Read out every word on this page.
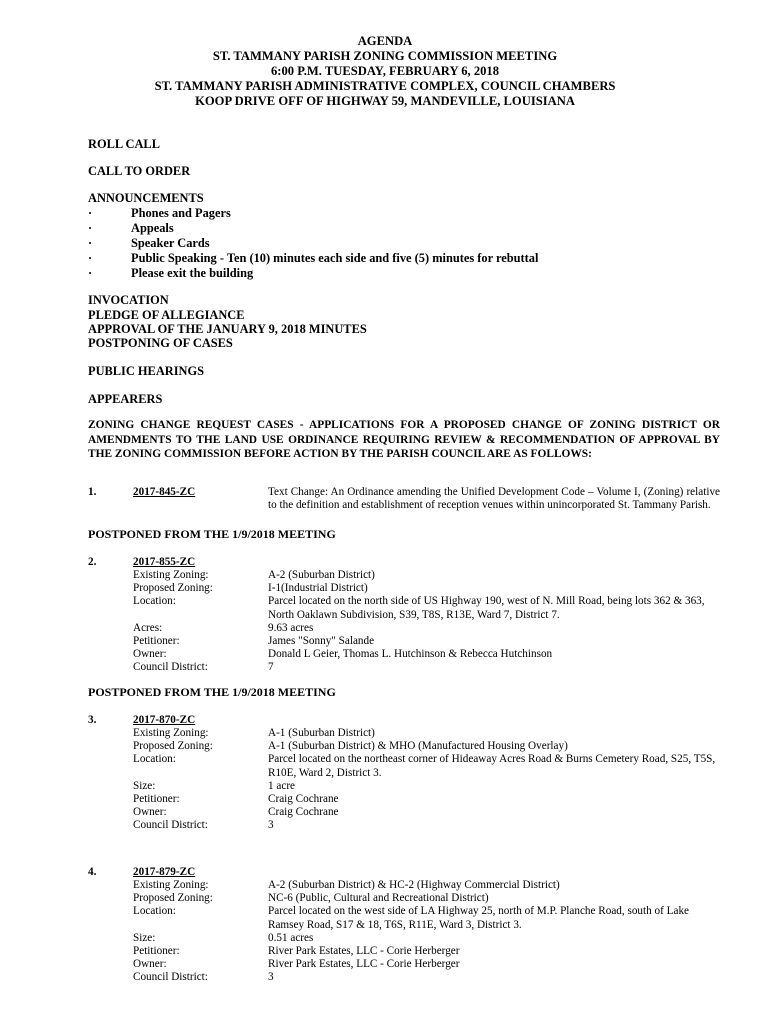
AGENDA
ST. TAMMANY PARISH ZONING COMMISSION MEETING
6:00 P.M. TUESDAY, FEBRUARY 6, 2018
ST. TAMMANY PARISH ADMINISTRATIVE COMPLEX, COUNCIL CHAMBERS
KOOP DRIVE OFF OF HIGHWAY 59, MANDEVILLE, LOUISIANA
ROLL CALL
CALL TO ORDER
ANNOUNCEMENTS
·	Phones and Pagers
·	Appeals
·	Speaker Cards
·	Public Speaking - Ten (10) minutes each side and five (5) minutes for rebuttal
·	Please exit the building
INVOCATION
PLEDGE OF ALLEGIANCE
APPROVAL OF THE JANUARY 9, 2018 MINUTES
POSTPONING OF CASES
PUBLIC HEARINGS
APPEARERS
ZONING CHANGE REQUEST CASES - APPLICATIONS FOR A PROPOSED CHANGE OF ZONING DISTRICT OR AMENDMENTS TO THE LAND USE ORDINANCE REQUIRING REVIEW & RECOMMENDATION OF APPROVAL BY THE ZONING COMMISSION BEFORE ACTION BY THE PARISH COUNCIL ARE AS FOLLOWS:
1.	2017-845-ZC	Text Change: An Ordinance amending the Unified Development Code – Volume I, (Zoning) relative to the definition and establishment of reception venues within unincorporated St. Tammany Parish.
POSTPONED FROM THE 1/9/2018 MEETING
2.	2017-855-ZC
Existing Zoning:	A-2 (Suburban District)
Proposed Zoning:	I-1(Industrial District)
Location:	Parcel located on the north side of US Highway 190, west of N. Mill Road, being lots 362 & 363, North Oaklawn Subdivision, S39, T8S, R13E, Ward 7, District 7.
Acres:	9.63 acres
Petitioner:	James "Sonny" Salande
Owner:	Donald L Geier, Thomas L. Hutchinson & Rebecca Hutchinson
Council District:	7
POSTPONED FROM THE 1/9/2018 MEETING
3.	2017-870-ZC
Existing Zoning:	A-1 (Suburban District)
Proposed Zoning:	A-1 (Suburban District) & MHO (Manufactured Housing Overlay)
Location:	Parcel located on the northeast corner of Hideaway Acres Road & Burns Cemetery Road, S25, T5S, R10E, Ward 2, District 3.
Size:	1 acre
Petitioner:	Craig Cochrane
Owner:	Craig Cochrane
Council District:	3
4.	2017-879-ZC
Existing Zoning:	A-2 (Suburban District) & HC-2 (Highway Commercial District)
Proposed Zoning:	NC-6 (Public, Cultural and Recreational District)
Location:	Parcel located on the west side of LA Highway 25, north of M.P. Planche Road, south of Lake Ramsey Road, S17 & 18, T6S, R11E, Ward 3, District 3.
Size:	0.51 acres
Petitioner:	River Park Estates, LLC - Corie Herberger
Owner:	River Park Estates, LLC - Corie Herberger
Council District:	3
